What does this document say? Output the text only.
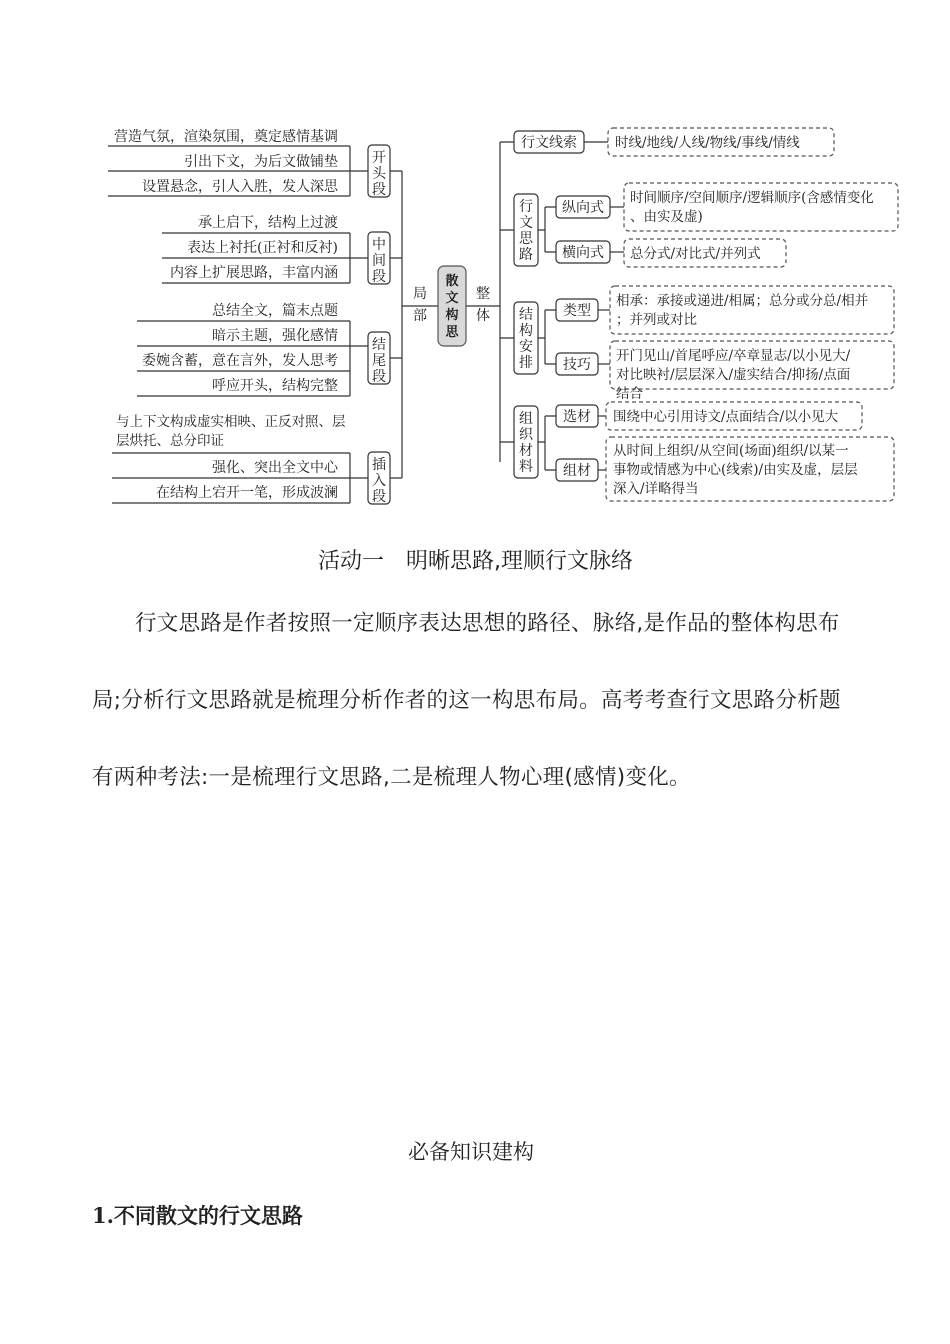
营造气氛，渲染氛围，奠定感情基调
引出下文，为后文做铺垫
设置悬念，引人入胜，发人深思
承上启下，结构上过渡
表达上衬托(正衬和反衬)
内容上扩展思路，丰富内涵
总结全文，篇末点题
暗示主题，强化感情
委婉含蓄，意在言外，发人思考
呼应开头，结构完整
与上下文构成虚实相映、正反对照、层层烘托、总分印证
强化、突出全文中心
在结构上宕开一笔，形成波澜
开头段
中间段
结尾段
插入段
局部
整体
散文构思
行文思路
结构安排
组织材料
行文线索
纵向式
横向式
类型
技巧
选材
组材
时线/地线/人线/物线/事线/情线
时间顺序/空间顺序/逻辑顺序(含感情变化、由实及虚)
总分式/对比式/并列式
相承：承接或递进/相属；总分或分总/相并；并列或对比
开门见山/首尾呼应/卒章显志/以小见大/对比映衬/层层深入/虚实结合/抑扬/点面结合
围绕中心引用诗文/点面结合/以小见大
从时间上组织/从空间(场面)组织/以某一事物或情感为中心(线索)/由实及虚，层层深入/详略得当

活动一 明晰思路,理顺行文脉络

行文思路是作者按照一定顺序表达思想的路径、脉络,是作品的整体构思布

局;分析行文思路就是梳理分析作者的这一构思布局。高考考查行文思路分析题

有两种考法:一是梳理行文思路,二是梳理人物心理(感情)变化。

必备知识建构

1.不同散文的行文思路
